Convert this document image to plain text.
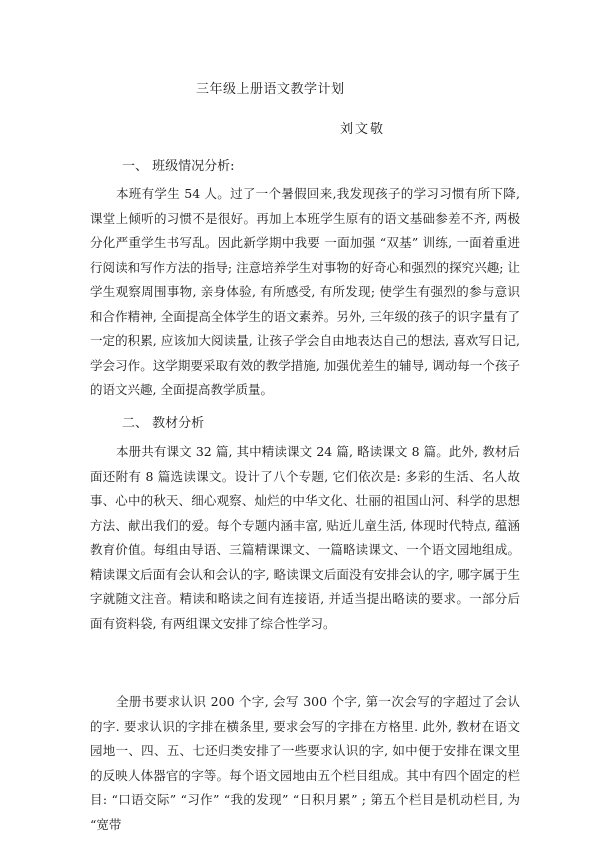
三年级上册语文教学计划
刘文敬
一、 班级情况分析:

本班有学生 54 人。过了一个暑假回来,我发现孩子的学习习惯有所下降, 课堂上倾听的习惯不是很好。再加上本班学生原有的语文基础参差不齐, 两极分化严重学生书写乱。因此新学期中我要 一面加强 “双基” 训练, 一面着重进行阅读和写作方法的指导; 注意培养学生对事物的好奇心和强烈的探究兴趣; 让学生观察周围事物, 亲身体验, 有所感受, 有所发现; 使学生有强烈的参与意识和合作精神, 全面提高全体学生的语文素养。另外, 三年级的孩子的识字量有了一定的积累, 应该加大阅读量, 让孩子学会自由地表达自己的想法, 喜欢写日记, 学会习作。这学期要采取有效的教学措施, 加强优差生的辅导, 调动每一个孩子的语文兴趣, 全面提高教学质量。

二、 教材分析

本册共有课文 32 篇, 其中精读课文 24 篇, 略读课文 8 篇。此外, 教材后面还附有 8 篇选读课文。设计了八个专题, 它们依次是: 多彩的生活、名人故事、心中的秋天、细心观察、灿烂的中华文化、壮丽的祖国山河、科学的思想方法、献出我们的爱。每个专题内涵丰富, 贴近儿童生活, 体现时代特点, 蕴涵教育价值。每组由导语、三篇精课课文、一篇略读课文、一个语文园地组成。精读课文后面有会认和会认的字, 略读课文后面没有安排会认的字, 哪字属于生字就随文注音。精读和略读之间有连接语, 并适当提出略读的要求。一部分后面有资料袋, 有两组课文安排了综合性学习。

全册书要求认识 200 个字, 会写 300 个字, 第一次会写的字超过了会认的字. 要求认识的字排在横条里, 要求会写的字排在方格里. 此外, 教材在语文园地一、四、五、七还归类安排了一些要求认识的字, 如中便于安排在课文里的反映人体器官的字等。每个语文园地由五个栏目组成。其中有四个固定的栏目: “口语交际” “习作” “我的发现” “日积月累” ; 第五个栏目是机动栏目, 为 “宽带
